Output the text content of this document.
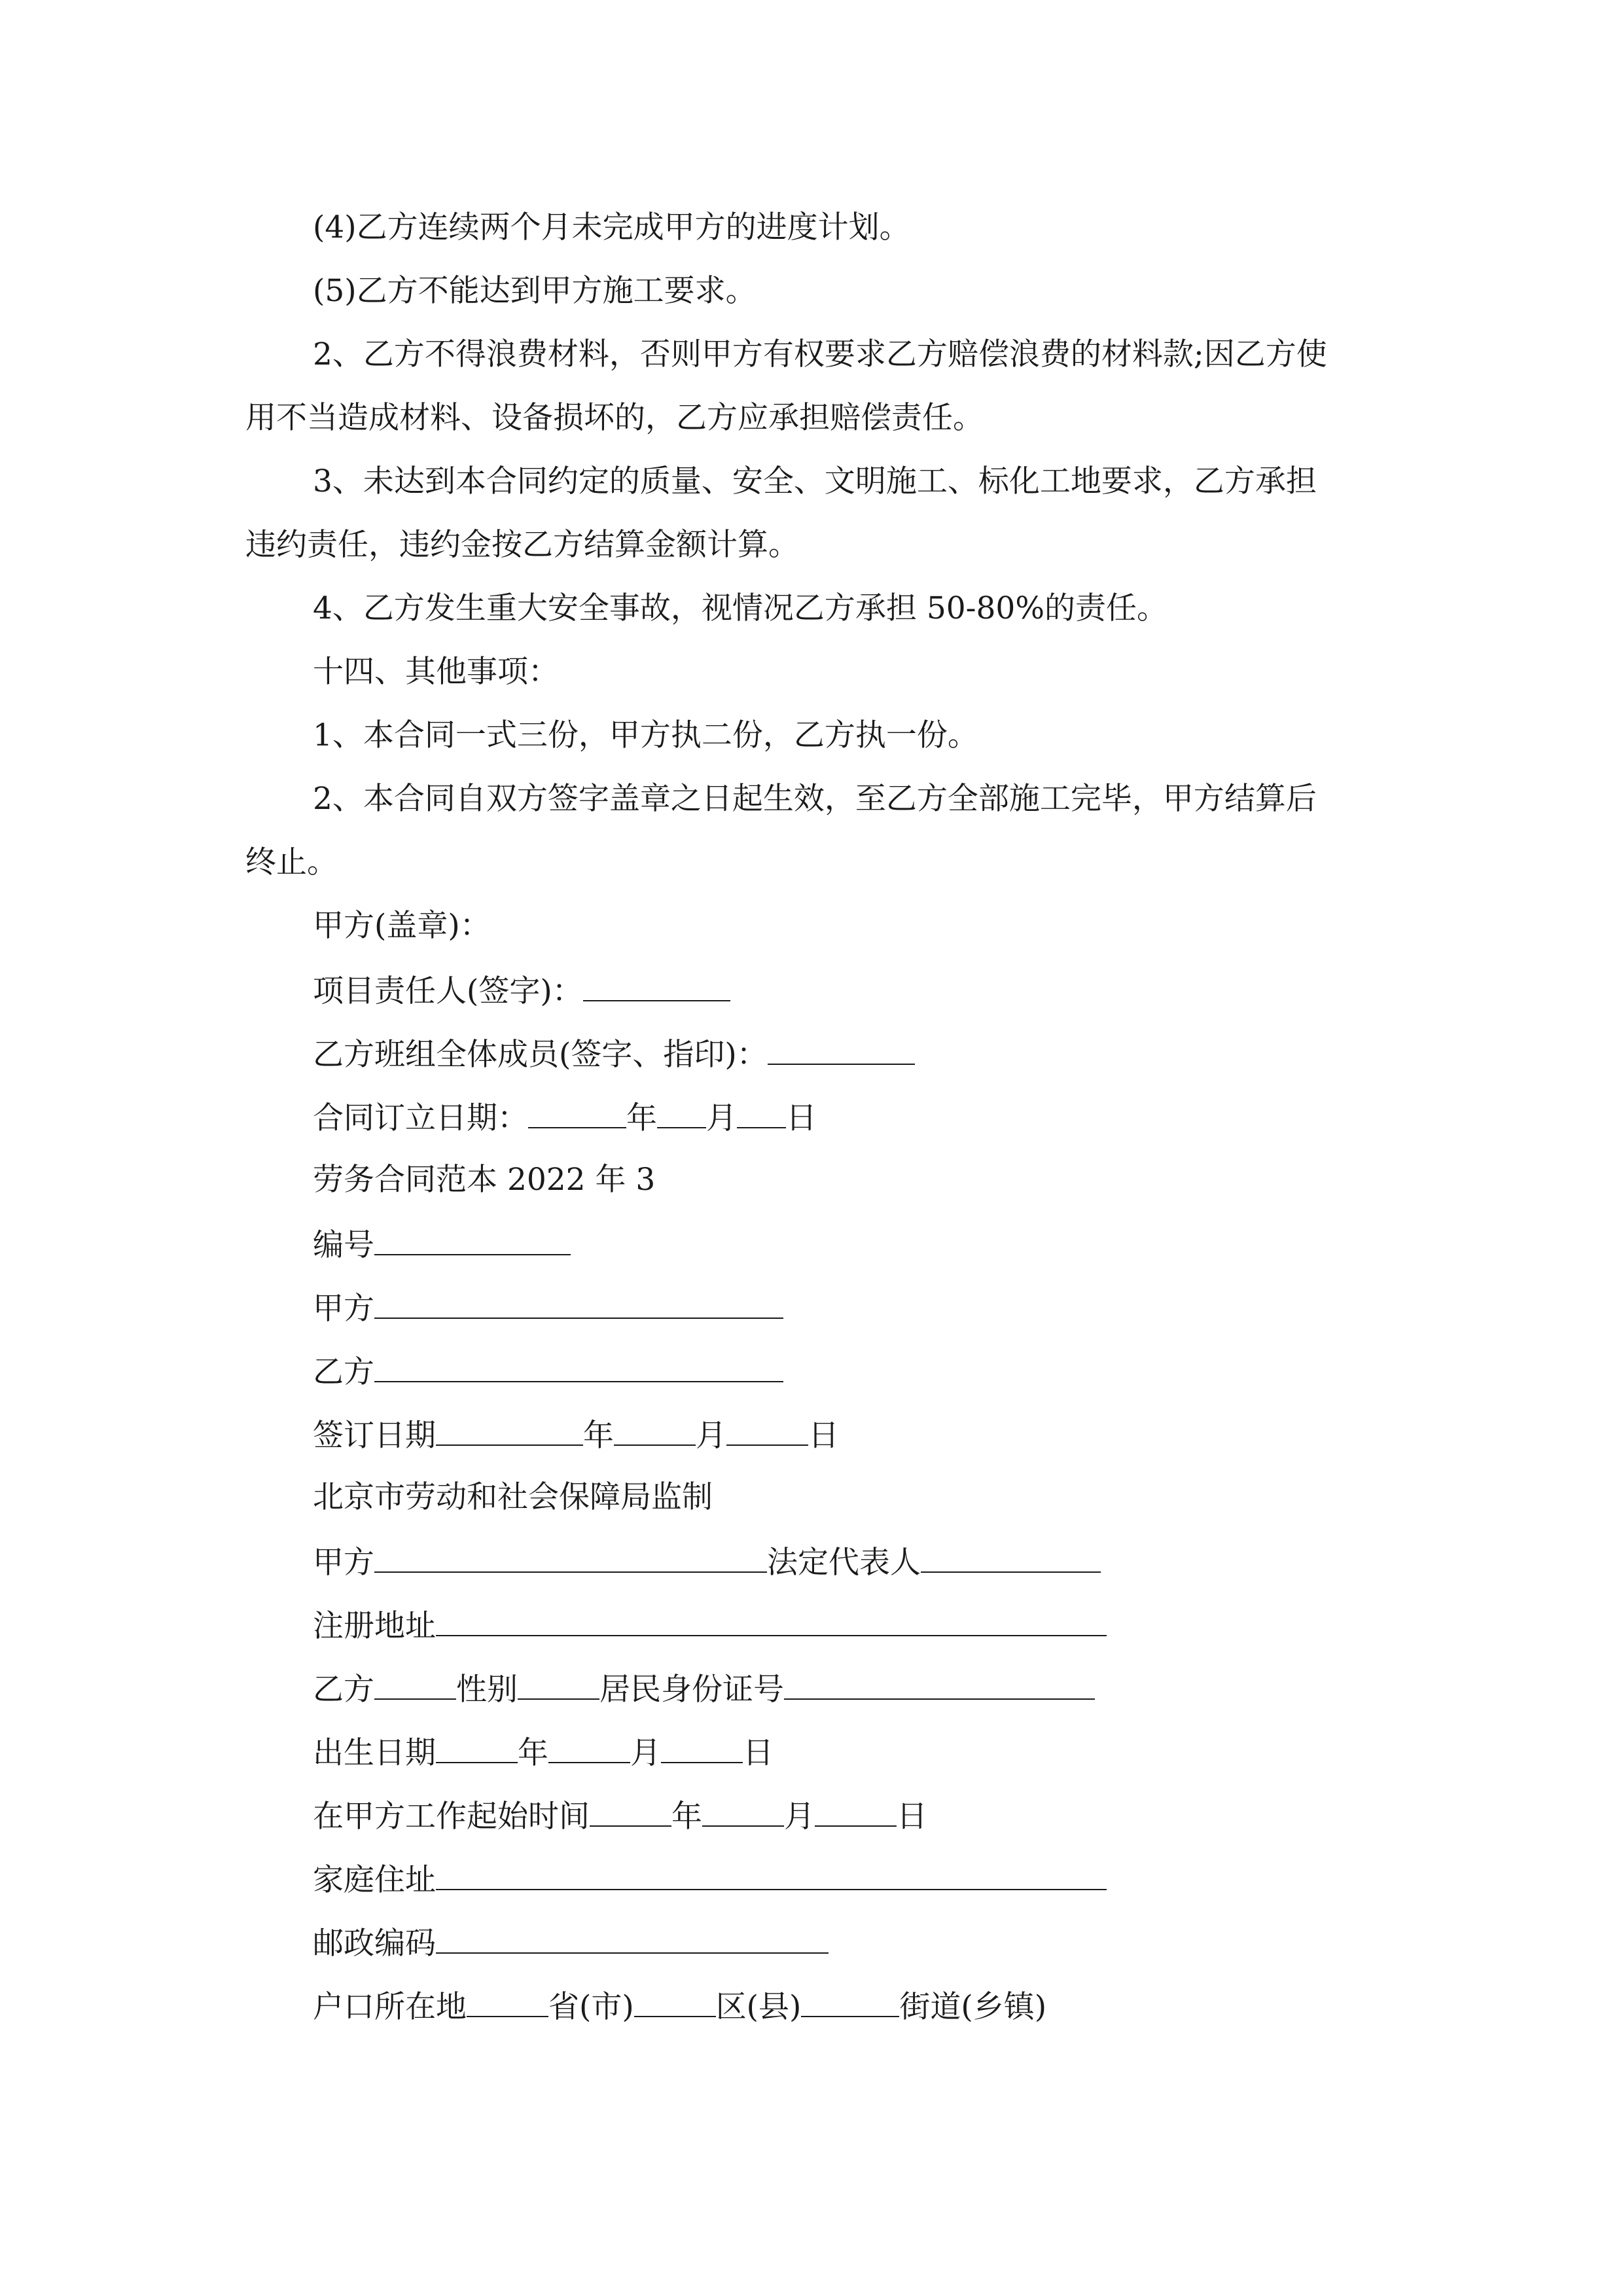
(4)乙方连续两个月未完成甲方的进度计划。
(5)乙方不能达到甲方施工要求。
2、乙方不得浪费材料，否则甲方有权要求乙方赔偿浪费的材料款;因乙方使
用不当造成材料、设备损坏的，乙方应承担赔偿责任。
3、未达到本合同约定的质量、安全、文明施工、标化工地要求，乙方承担
违约责任，违约金按乙方结算金额计算。
4、乙方发生重大安全事故，视情况乙方承担 50-80%的责任。
十四、其他事项：
1、本合同一式三份，甲方执二份，乙方执一份。
2、本合同自双方签字盖章之日起生效，至乙方全部施工完毕，甲方结算后
终止。
甲方(盖章)：
项目责任人(签字)：
乙方班组全体成员(签字、指印)：
合同订立日期：	年 月 日
劳务合同范本 2022 年 3
编号
甲方
乙方
签订日期	年	月	日
北京市劳动和社会保障局监制
甲方	法定代表人
注册地址
乙方	性别	居民身份证号
出生日期	年	月	日
在甲方工作起始时间	年	月	日
家庭住址
邮政编码
户口所在地	省(市)	区(县)	街道(乡镇)
